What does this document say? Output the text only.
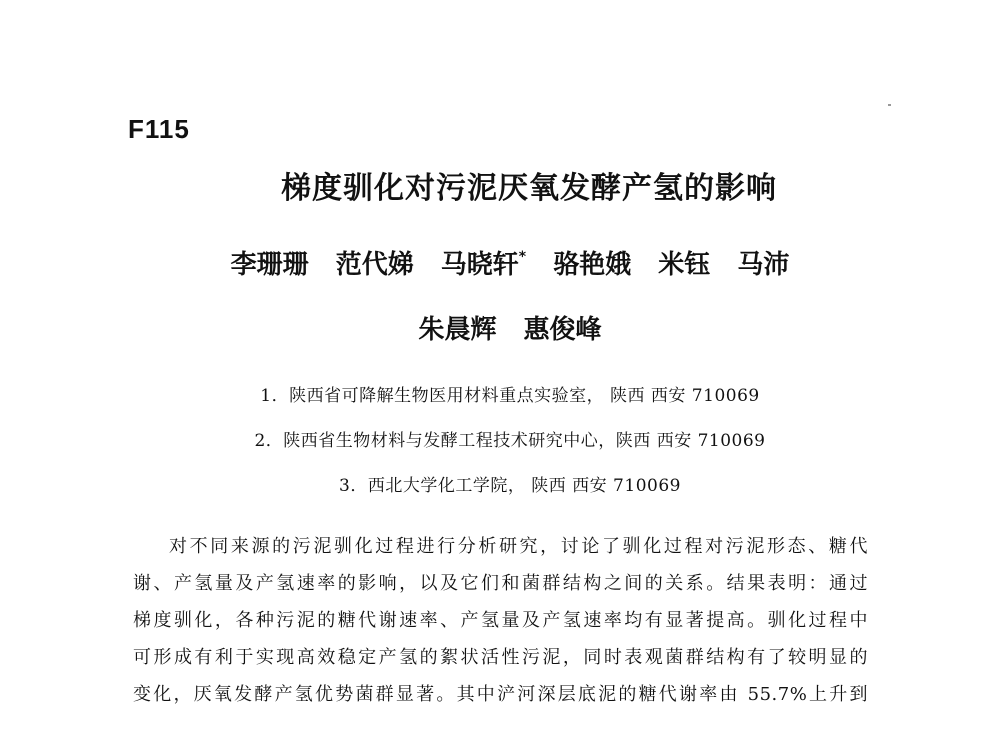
F115
梯度驯化对污泥厌氧发酵产氢的影响
李珊珊 范代娣 马晓轩* 骆艳娥 米钰 马沛
朱晨辉 惠俊峰
1．陕西省可降解生物医用材料重点实验室， 陕西 西安 710069
2．陕西省生物材料与发酵工程技术研究中心，陕西 西安 710069
3．西北大学化工学院， 陕西 西安 710069
对不同来源的污泥驯化过程进行分析研究，讨论了驯化过程对污泥形态、糖代
谢、产氢量及产氢速率的影响，以及它们和菌群结构之间的关系。结果表明：通过
梯度驯化，各种污泥的糖代谢速率、产氢量及产氢速率均有显著提高。驯化过程中
可形成有利于实现高效稳定产氢的絮状活性污泥，同时表观菌群结构有了较明显的
变化，厌氧发酵产氢优势菌群显著。其中浐河深层底泥的糖代谢率由 55.7%上升到
